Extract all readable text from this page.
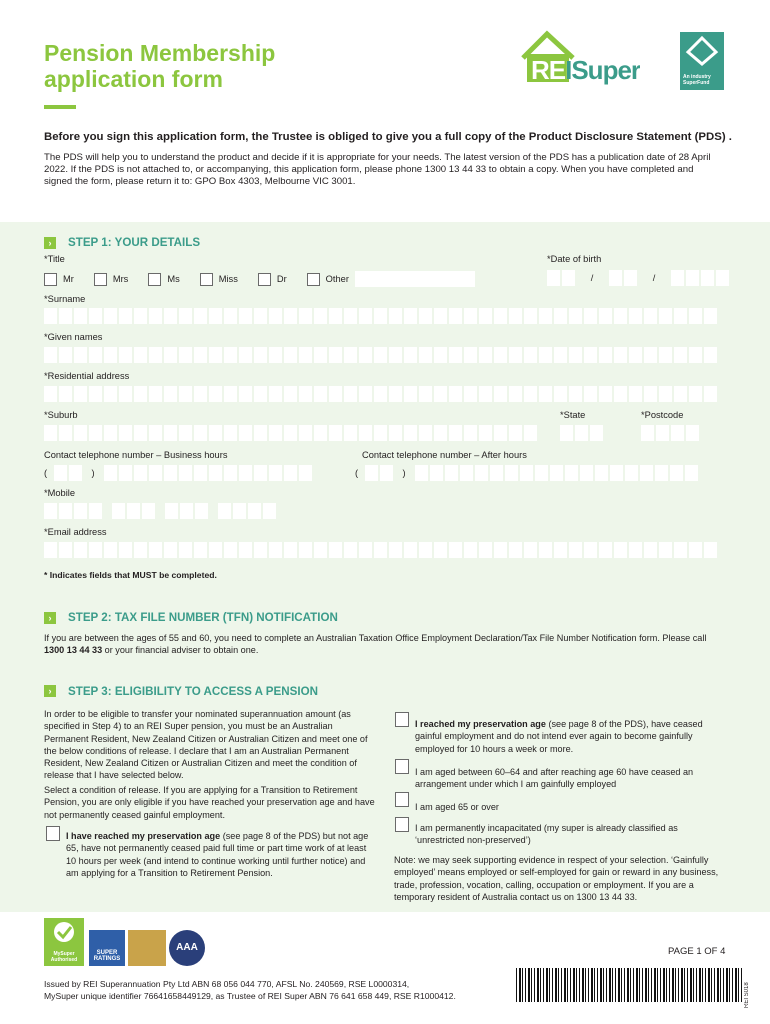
Pension Membership
application form	REISuper	An industry SuperFund
Before you sign this application form, the Trustee is obliged to give you a full copy of the Product Disclosure Statement (PDS) .
The PDS will help you to understand the product and decide if it is appropriate for your needs. The latest version of the PDS has a publication date of 28 April 2022. If the PDS is not attached to, or accompanying, this application form, please phone 1300 13 44 33 to obtain a copy. When you have completed and signed the form, please return it to: GPO Box 4303, Melbourne VIC 3001.
›	STEP 1: YOUR DETAILS
*Title	*Date of birth
Mr	Mrs	Ms	Miss	Dr	Other	/	/
*Surname
*Given names
*Residential address
*Suburb	*State	*Postcode
Contact telephone number – Business hours	Contact telephone number – After hours
(	)	(	)
*Mobile
*Email address
* Indicates fields that MUST be completed.
›	STEP 2: TAX FILE NUMBER (TFN) NOTIFICATION
If you are between the ages of 55 and 60, you need to complete an Australian Taxation Office Employment Declaration/Tax File Number Notification form. Please call 1300 13 44 33 or your financial adviser to obtain one.
›	STEP 3: ELIGIBILITY TO ACCESS A PENSION
In order to be eligible to transfer your nominated superannuation amount (as specified in Step 4) to an REI Super pension, you must be an Australian Permanent Resident, New Zealand Citizen or Australian Citizen and meet one of the below conditions of release. I declare that I am an Australian Permanent Resident, New Zealand Citizen or Australian Citizen and meet the condition of release that I have selected below.
Select a condition of release. If you are applying for a Transition to Retirement Pension, you are only eligible if you have reached your preservation age and have not permanently ceased gainful employment.
I have reached my preservation age (see page 8 of the PDS) but not age 65, have not permanently ceased paid full time or part time work of at least 10 hours per week (and intend to continue working until further notice) and am applying for a Transition to Retirement Pension.
I reached my preservation age (see page 8 of the PDS), have ceased gainful employment and do not intend ever again to become gainfully employed for 10 hours a week or more.
I am aged between 60–64 and after reaching age 60 have ceased an arrangement under which I am gainfully employed
I am aged 65 or over
I am permanently incapacitated (my super is already classified as ‘unrestricted non-preserved’)
Note: we may seek supporting evidence in respect of your selection. ‘Gainfully employed’ means employed or self-employed for gain or reward in any business, trade, profession, vocation, calling, occupation or employment. If you are a temporary resident of Australia contact us on 1300 13 44 33.
MySuper Authorised
SUPER RATINGS
AAA	PAGE 1 OF 4
Issued by REI Superannuation Pty Ltd ABN 68 056 044 770, AFSL No. 240569, RSE L0000314,
MySuper unique identifier 76641658449129, as Trustee of REI Super ABN 76 641 658 449, RSE R1000412.	REI S018
